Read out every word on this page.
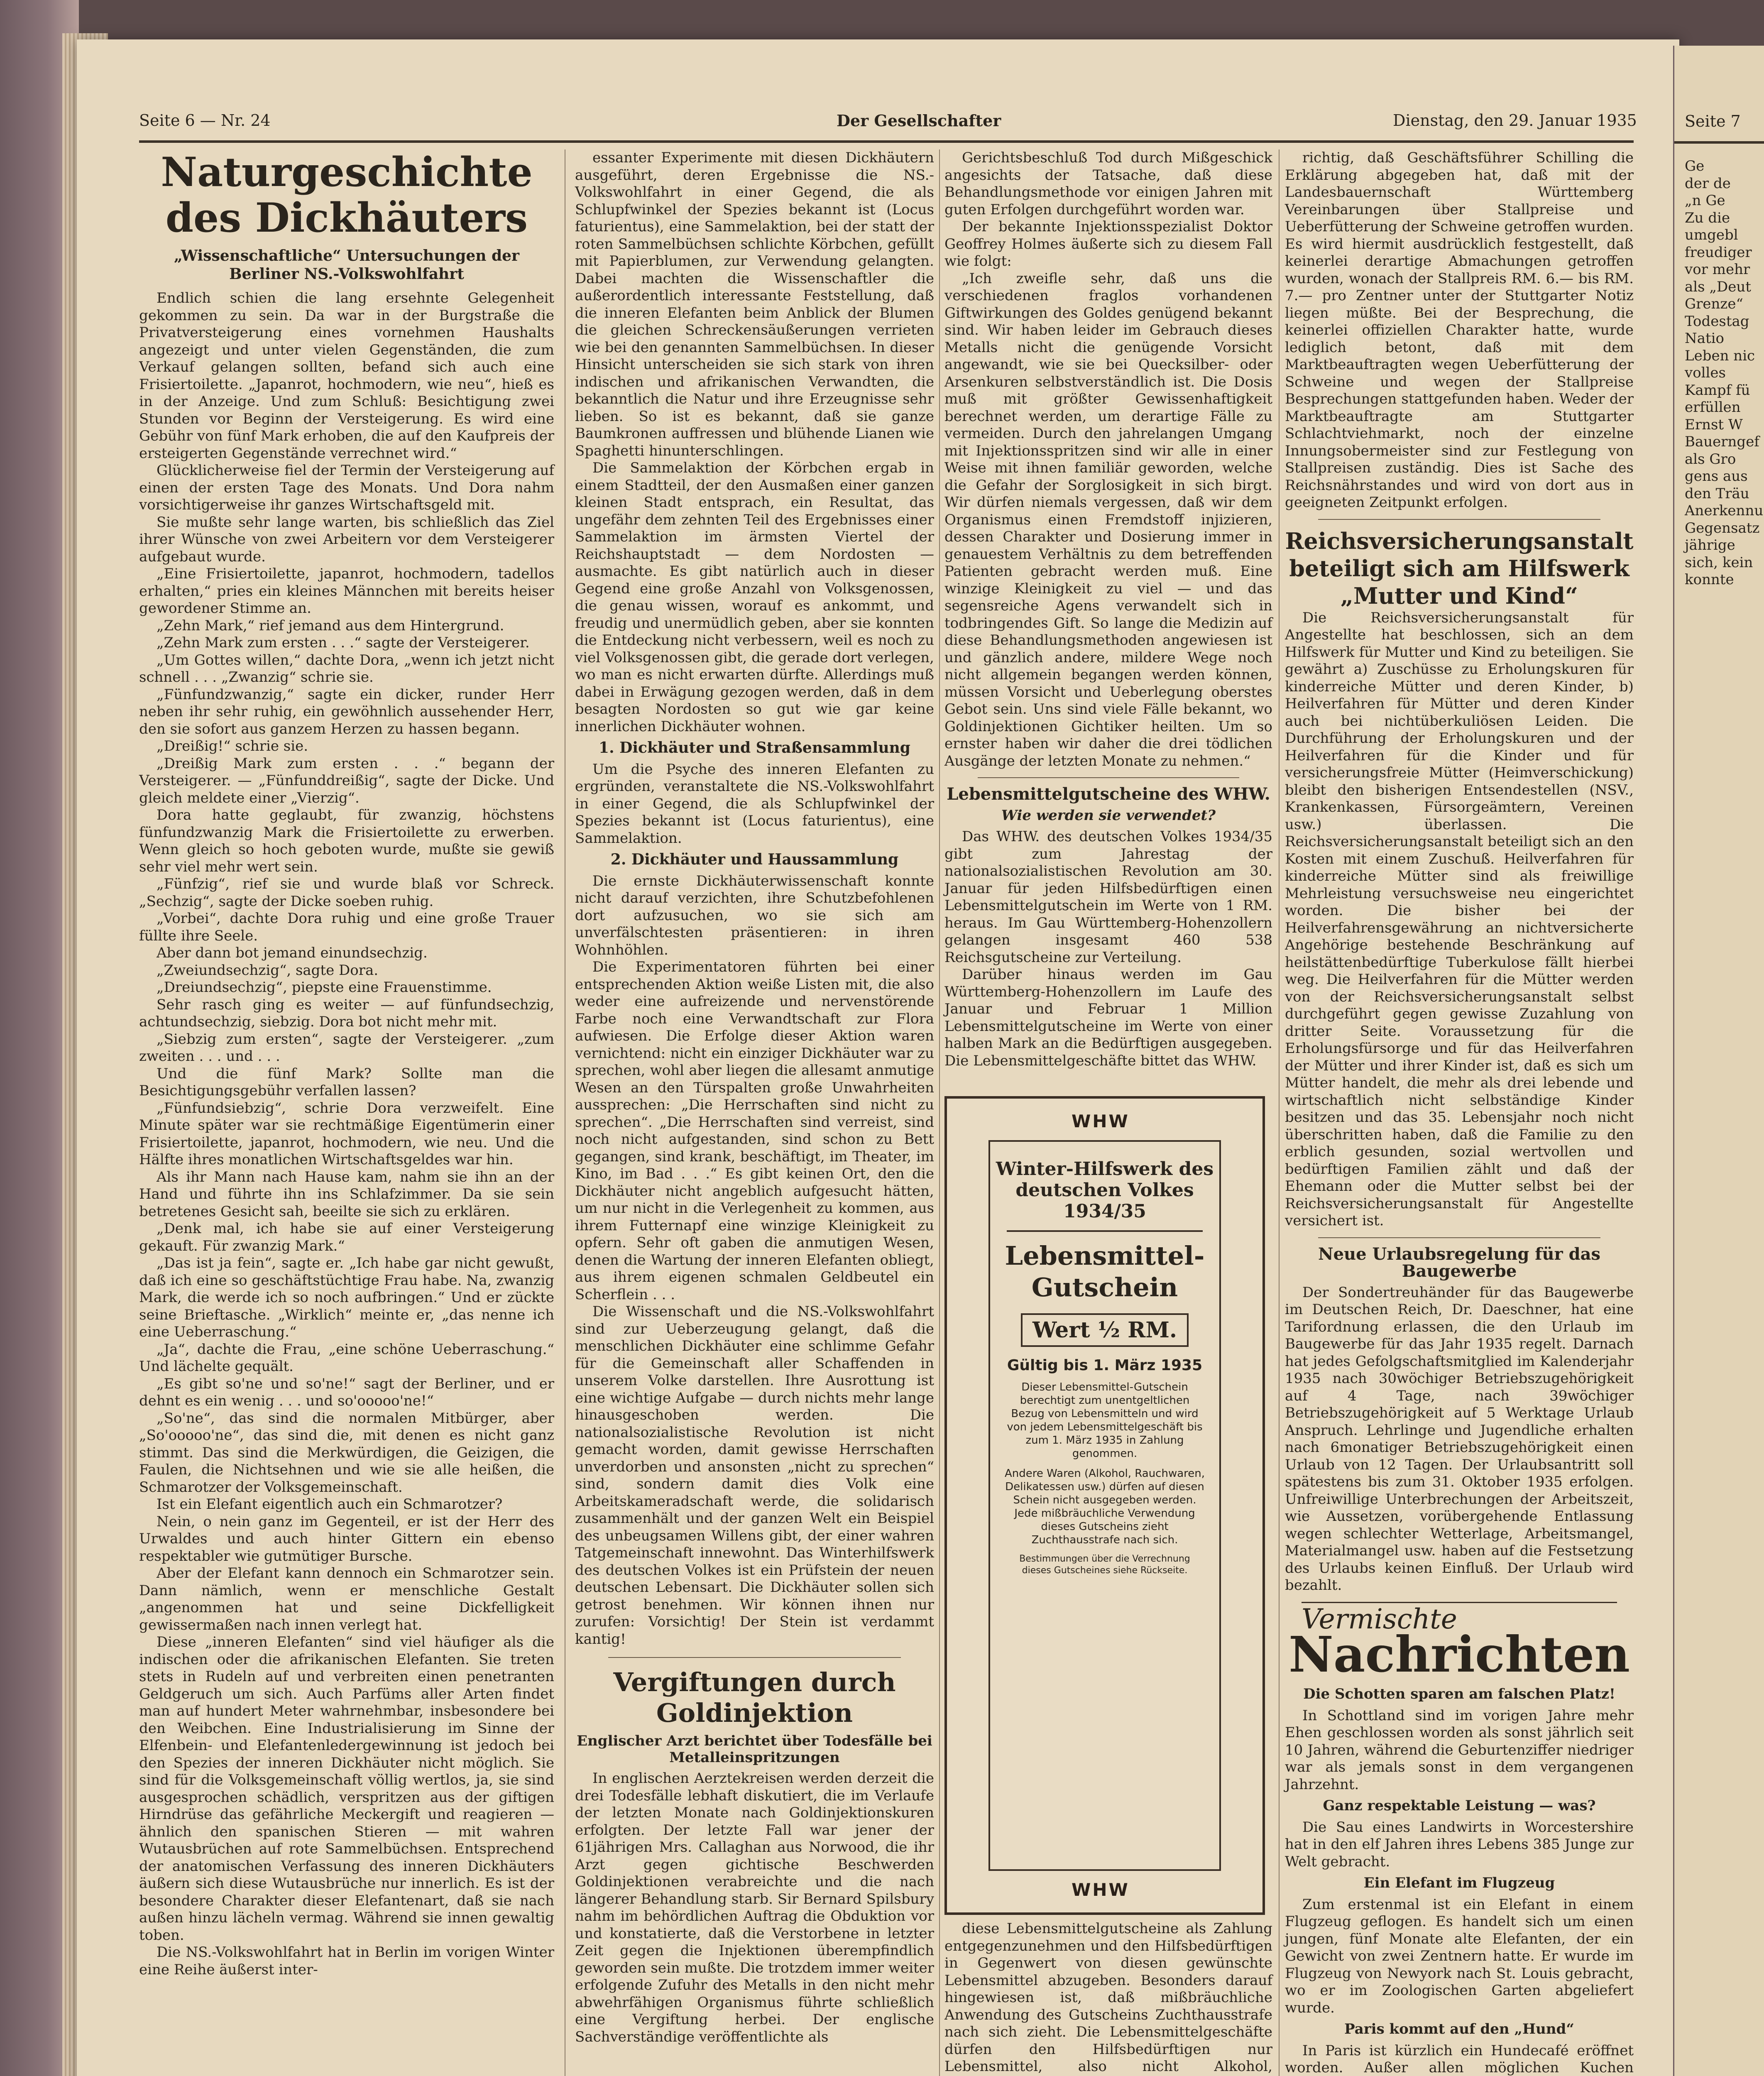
Seite 6 — Nr. 24	Der Gesellschafter	Dienstag, den 29. Januar 1935
Naturgeschichte des Dickhäuters
„Wissenschaftliche“ Untersuchungen der Berliner NS.-Volkswohlfahrt

Endlich schien die lang ersehnte Gelegenheit gekommen zu sein. Da war in der Burgstraße die Privatversteigerung eines vornehmen Haushalts angezeigt und unter vielen Gegenständen, die zum Verkauf gelangen sollten, befand sich auch eine Frisiertoilette. „Japanrot, hochmodern, wie neu“, hieß es in der Anzeige. Und zum Schluß: Besichtigung zwei Stunden vor Beginn der Versteigerung. Es wird eine Gebühr von fünf Mark erhoben, die auf den Kaufpreis der ersteigerten Gegenstände verrechnet wird.“

Glücklicherweise fiel der Termin der Versteigerung auf einen der ersten Tage des Monats. Und Dora nahm vorsichtigerweise ihr ganzes Wirtschaftsgeld mit.

Sie mußte sehr lange warten, bis schließlich das Ziel ihrer Wünsche von zwei Arbeitern vor dem Versteigerer aufgebaut wurde.

„Eine Frisiertoilette, japanrot, hochmodern, tadellos erhalten,“ pries ein kleines Männchen mit bereits heiser gewordener Stimme an.

„Zehn Mark,“ rief jemand aus dem Hintergrund.

„Zehn Mark zum ersten . . .“ sagte der Versteigerer.

„Um Gottes willen,“ dachte Dora, „wenn ich jetzt nicht schnell . . . „Zwanzig“ schrie sie.

„Fünfundzwanzig,“ sagte ein dicker, runder Herr neben ihr sehr ruhig, ein gewöhnlich aussehender Herr, den sie sofort aus ganzem Herzen zu hassen begann.

„Dreißig!“ schrie sie.

„Dreißig Mark zum ersten . . .“ begann der Versteigerer. — „Fünfunddreißig“, sagte der Dicke. Und gleich meldete einer „Vierzig“.

Dora hatte geglaubt, für zwanzig, höchstens fünfundzwanzig Mark die Frisiertoilette zu erwerben. Wenn gleich so hoch geboten wurde, mußte sie gewiß sehr viel mehr wert sein.

„Fünfzig“, rief sie und wurde blaß vor Schreck. „Sechzig“, sagte der Dicke soeben ruhig.

„Vorbei“, dachte Dora ruhig und eine große Trauer füllte ihre Seele.

Aber dann bot jemand einundsechzig.

„Zweiundsechzig“, sagte Dora.

„Dreiundsechzig“, piepste eine Frauenstimme.

Sehr rasch ging es weiter — auf fünfundsechzig, achtundsechzig, siebzig. Dora bot nicht mehr mit.

„Siebzig zum ersten“, sagte der Versteigerer. „zum zweiten . . . und . . .

Und die fünf Mark? Sollte man die Besichtigungsgebühr verfallen lassen?

„Fünfundsiebzig“, schrie Dora verzweifelt. Eine Minute später war sie rechtmäßige Eigentümerin einer Frisiertoilette, japanrot, hochmodern, wie neu. Und die Hälfte ihres monatlichen Wirtschaftsgeldes war hin.

Als ihr Mann nach Hause kam, nahm sie ihn an der Hand und führte ihn ins Schlafzimmer. Da sie sein betretenes Gesicht sah, beeilte sie sich zu erklären.

„Denk mal, ich habe sie auf einer Versteigerung gekauft. Für zwanzig Mark.“

„Das ist ja fein“, sagte er. „Ich habe gar nicht gewußt, daß ich eine so geschäftstüchtige Frau habe. Na, zwanzig Mark, die werde ich so noch aufbringen.“ Und er zückte seine Brieftasche. „Wirklich“ meinte er, „das nenne ich eine Ueberraschung.“

„Ja“, dachte die Frau, „eine schöne Ueberraschung.“ Und lächelte gequält.

„Es gibt so'ne und so'ne!“ sagt der Berliner, und er dehnt es ein wenig . . . und so'ooooo'ne!“

„So'ne“, das sind die normalen Mitbürger, aber „So'ooooo'ne“, das sind die, mit denen es nicht ganz stimmt. Das sind die Merkwürdigen, die Geizigen, die Faulen, die Nichtsehnen und wie sie alle heißen, die Schmarotzer der Volksgemeinschaft.

Ist ein Elefant eigentlich auch ein Schmarotzer?

Nein, o nein ganz im Gegenteil, er ist der Herr des Urwaldes und auch hinter Gittern ein ebenso respektabler wie gutmütiger Bursche.

Aber der Elefant kann dennoch ein Schmarotzer sein. Dann nämlich, wenn er menschliche Gestalt „angenommen hat und seine Dickfelligkeit gewissermaßen nach innen verlegt hat.

Diese „inneren Elefanten“ sind viel häufiger als die indischen oder die afrikanischen Elefanten. Sie treten stets in Rudeln auf und verbreiten einen penetranten Geldgeruch um sich. Auch Parfüms aller Arten findet man auf hundert Meter wahrnehmbar, insbesondere bei den Weibchen. Eine Industrialisierung im Sinne der Elfenbein- und Elefantenledergewinnung ist jedoch bei den Spezies der inneren Dickhäuter nicht möglich. Sie sind für die Volksgemeinschaft völlig wertlos, ja, sie sind ausgesprochen schädlich, verspritzen aus der giftigen Hirndrüse das gefährliche Meckergift und reagieren — ähnlich den spanischen Stieren — mit wahren Wutausbrüchen auf rote Sammelbüchsen. Entsprechend der anatomischen Verfassung des inneren Dickhäuters äußern sich diese Wutausbrüche nur innerlich. Es ist der besondere Charakter dieser Elefantenart, daß sie nach außen hinzu lächeln vermag. Während sie innen gewaltig toben.

Die NS.-Volkswohlfahrt hat in Berlin im vorigen Winter eine Reihe äußerst inter-

essanter Experimente mit diesen Dickhäutern ausgeführt, deren Ergebnisse die NS.-Volkswohlfahrt in einer Gegend, die als Schlupfwinkel der Spezies bekannt ist (Locus faturientus), eine Sammelaktion, bei der statt der roten Sammelbüchsen schlichte Körbchen, gefüllt mit Papierblumen, zur Verwendung gelangten. Dabei machten die Wissenschaftler die außerordentlich interessante Feststellung, daß die inneren Elefanten beim Anblick der Blumen die gleichen Schreckensäußerungen verrieten wie bei den genannten Sammelbüchsen. In dieser Hinsicht unterscheiden sie sich stark von ihren indischen und afrikanischen Verwandten, die bekanntlich die Natur und ihre Erzeugnisse sehr lieben. So ist es bekannt, daß sie ganze Baumkronen auffressen und blühende Lianen wie Spaghetti hinunterschlingen.

Die Sammelaktion der Körbchen ergab in einem Stadtteil, der den Ausmaßen einer ganzen kleinen Stadt entsprach, ein Resultat, das ungefähr dem zehnten Teil des Ergebnisses einer Sammelaktion im ärmsten Viertel der Reichshauptstadt — dem Nordosten — ausmachte. Es gibt natürlich auch in dieser Gegend eine große Anzahl von Volksgenossen, die genau wissen, worauf es ankommt, und freudig und unermüdlich geben, aber sie konnten die Entdeckung nicht verbessern, weil es noch zu viel Volksgenossen gibt, die gerade dort verlegen, wo man es nicht erwarten dürfte. Allerdings muß dabei in Erwägung gezogen werden, daß in dem besagten Nordosten so gut wie gar keine innerlichen Dickhäuter wohnen.

1. Dickhäuter und Straßensammlung

Um die Psyche des inneren Elefanten zu ergründen, veranstaltete die NS.-Volkswohlfahrt in einer Gegend, die als Schlupfwinkel der Spezies bekannt ist (Locus faturientus), eine Sammelaktion.

2. Dickhäuter und Haussammlung

Die ernste Dickhäuterwissenschaft konnte nicht darauf verzichten, ihre Schutzbefohlenen dort aufzusuchen, wo sie sich am unverfälschtesten präsentieren: in ihren Wohnhöhlen.

Die Experimentatoren führten bei einer entsprechenden Aktion weiße Listen mit, die also weder eine aufreizende und nervenstörende Farbe noch eine Verwandtschaft zur Flora aufwiesen. Die Erfolge dieser Aktion waren vernichtend: nicht ein einziger Dickhäuter war zu sprechen, wohl aber liegen die allesamt anmutige Wesen an den Türspalten große Unwahrheiten aussprechen: „Die Herrschaften sind nicht zu sprechen“. „Die Herrschaften sind verreist, sind noch nicht aufgestanden, sind schon zu Bett gegangen, sind krank, beschäftigt, im Theater, im Kino, im Bad . . .“ Es gibt keinen Ort, den die Dickhäuter nicht angeblich aufgesucht hätten, um nur nicht in die Verlegenheit zu kommen, aus ihrem Futternapf eine winzige Kleinigkeit zu opfern. Sehr oft gaben die anmutigen Wesen, denen die Wartung der inneren Elefanten obliegt, aus ihrem eigenen schmalen Geldbeutel ein Scherflein . . .

Die Wissenschaft und die NS.-Volkswohlfahrt sind zur Ueberzeugung gelangt, daß die menschlichen Dickhäuter eine schlimme Gefahr für die Gemeinschaft aller Schaffenden in unserem Volke darstellen. Ihre Ausrottung ist eine wichtige Aufgabe — durch nichts mehr lange hinausgeschoben werden. Die nationalsozialistische Revolution ist nicht gemacht worden, damit gewisse Herrschaften unverdorben und ansonsten „nicht zu sprechen“ sind, sondern damit dies Volk eine Arbeitskameradschaft werde, die solidarisch zusammenhält und der ganzen Welt ein Beispiel des unbeugsamen Willens gibt, der einer wahren Tatgemeinschaft innewohnt. Das Winterhilfswerk des deutschen Volkes ist ein Prüfstein der neuen deutschen Lebensart. Die Dickhäuter sollen sich getrost benehmen. Wir können ihnen nur zurufen: Vorsichtig! Der Stein ist verdammt kantig!

Vergiftungen durch Goldinjektion
Englischer Arzt berichtet über Todesfälle bei Metalleinspritzungen

In englischen Aerztekreisen werden derzeit die drei Todesfälle lebhaft diskutiert, die im Verlaufe der letzten Monate nach Goldinjektionskuren erfolgten. Der letzte Fall war jener der 61jährigen Mrs. Callaghan aus Norwood, die ihr Arzt gegen gichtische Beschwerden Goldinjektionen verabreichte und die nach längerer Behandlung starb. Sir Bernard Spilsbury nahm im behördlichen Auftrag die Obduktion vor und konstatierte, daß die Verstorbene in letzter Zeit gegen die Injektionen überempfindlich geworden sein mußte. Die trotzdem immer weiter erfolgende Zufuhr des Metalls in den nicht mehr abwehrfähigen Organismus führte schließlich eine Vergiftung herbei. Der englische Sachverständige veröffentlichte als

Gerichtsbeschluß Tod durch Mißgeschick angesichts der Tatsache, daß diese Behandlungsmethode vor einigen Jahren mit guten Erfolgen durchgeführt worden war.

Der bekannte Injektionsspezialist Doktor Geoffrey Holmes äußerte sich zu diesem Fall wie folgt:

„Ich zweifle sehr, daß uns die verschiedenen fraglos vorhandenen Giftwirkungen des Goldes genügend bekannt sind. Wir haben leider im Gebrauch dieses Metalls nicht die genügende Vorsicht angewandt, wie sie bei Quecksilber- oder Arsenkuren selbstverständlich ist. Die Dosis muß mit größter Gewissenhaftigkeit berechnet werden, um derartige Fälle zu vermeiden. Durch den jahrelangen Umgang mit Injektionsspritzen sind wir alle in einer Weise mit ihnen familiär geworden, welche die Gefahr der Sorglosigkeit in sich birgt. Wir dürfen niemals vergessen, daß wir dem Organismus einen Fremdstoff injizieren, dessen Charakter und Dosierung immer in genauestem Verhältnis zu dem betreffenden Patienten gebracht werden muß. Eine winzige Kleinigkeit zu viel — und das segensreiche Agens verwandelt sich in todbringendes Gift. So lange die Medizin auf diese Behandlungsmethoden angewiesen ist und gänzlich andere, mildere Wege noch nicht allgemein begangen werden können, müssen Vorsicht und Ueberlegung oberstes Gebot sein. Uns sind viele Fälle bekannt, wo Goldinjektionen Gichtiker heilten. Um so ernster haben wir daher die drei tödlichen Ausgänge der letzten Monate zu nehmen.“

Lebensmittelgutscheine des WHW.
Wie werden sie verwendet?

Das WHW. des deutschen Volkes 1934/35 gibt zum Jahrestag der nationalsozialistischen Revolution am 30. Januar für jeden Hilfsbedürftigen einen Lebensmittelgutschein im Werte von 1 RM. heraus. Im Gau Württemberg-Hohenzollern gelangen insgesamt 460 538 Reichsgutscheine zur Verteilung.

Darüber hinaus werden im Gau Württemberg-Hohenzollern im Laufe des Januar und Februar 1 Million Lebensmittelgutscheine im Werte von einer halben Mark an die Bedürftigen ausgegeben. Die Lebensmittelgeschäfte bittet das WHW.

WHW
WHW
Winter-Hilfswerk des
deutschen Volkes 1934/35
Lebensmittel-
Gutschein
Wert ½ RM.
Gültig bis 1. März 1935
Dieser Lebensmittel-Gutschein berechtigt zum unentgeltlichen Bezug von Lebensmitteln und wird von jedem Lebensmittelgeschäft bis zum 1. März 1935 in Zahlung genommen.
Andere Waren (Alkohol, Rauchwaren, Delikatessen usw.) dürfen auf diesen Schein nicht ausgegeben werden. Jede mißbräuchliche Verwendung dieses Gutscheins zieht Zuchthausstrafe nach sich.
Bestimmungen über die Verrechnung dieses Gutscheines siehe Rückseite.

diese Lebensmittelgutscheine als Zahlung entgegenzunehmen und den Hilfsbedürftigen in Gegenwert von diesen gewünschte Lebensmittel abzugeben. Besonders darauf hingewiesen ist, daß mißbräuchliche Anwendung des Gutscheins Zuchthausstrafe nach sich zieht. Die Lebensmittelgeschäfte dürfen den Hilfsbedürftigen nur Lebensmittel, also nicht Alkohol,

richtig, daß Geschäftsführer Schilling die Erklärung abgegeben hat, daß mit der Landesbauernschaft Württemberg Vereinbarungen über Stallpreise und Ueberfütterung der Schweine getroffen wurden. Es wird hiermit ausdrücklich festgestellt, daß keinerlei derartige Abmachungen getroffen wurden, wonach der Stallpreis RM. 6.— bis RM. 7.— pro Zentner unter der Stuttgarter Notiz liegen müßte. Bei der Besprechung, die keinerlei offiziellen Charakter hatte, wurde lediglich betont, daß mit dem Marktbeauftragten wegen Ueberfütterung der Schweine und wegen der Stallpreise Besprechungen stattgefunden haben. Weder der Marktbeauftragte am Stuttgarter Schlachtviehmarkt, noch der einzelne Innungsobermeister sind zur Festlegung von Stallpreisen zuständig. Dies ist Sache des Reichsnährstandes und wird von dort aus in geeigneten Zeitpunkt erfolgen.

Reichsversicherungsanstalt beteiligt sich am Hilfswerk „Mutter und Kind“

Die Reichsversicherungsanstalt für Angestellte hat beschlossen, sich an dem Hilfswerk für Mutter und Kind zu beteiligen. Sie gewährt a) Zuschüsse zu Erholungskuren für kinderreiche Mütter und deren Kinder, b) Heilverfahren für Mütter und deren Kinder auch bei nichtüberkuliösen Leiden. Die Durchführung der Erholungskuren und der Heilverfahren für die Kinder und für versicherungsfreie Mütter (Heimverschickung) bleibt den bisherigen Entsendestellen (NSV., Krankenkassen, Fürsorgeämtern, Vereinen usw.) überlassen. Die Reichsversicherungsanstalt beteiligt sich an den Kosten mit einem Zuschuß. Heilverfahren für kinderreiche Mütter sind als freiwillige Mehrleistung versuchsweise neu eingerichtet worden. Die bisher bei der Heilverfahrensgewährung an nichtversicherte Angehörige bestehende Beschränkung auf heilstättenbedürftige Tuberkulose fällt hierbei weg. Die Heilverfahren für die Mütter werden von der Reichsversicherungsanstalt selbst durchgeführt gegen gewisse Zuzahlung von dritter Seite. Voraussetzung für die Erholungsfürsorge und für das Heilverfahren der Mütter und ihrer Kinder ist, daß es sich um Mütter handelt, die mehr als drei lebende und wirtschaftlich nicht selbständige Kinder besitzen und das 35. Lebensjahr noch nicht überschritten haben, daß die Familie zu den erblich gesunden, sozial wertvollen und bedürftigen Familien zählt und daß der Ehemann oder die Mutter selbst bei der Reichsversicherungsanstalt für Angestellte versichert ist.

Neue Urlaubsregelung für das Baugewerbe

Der Sondertreuhänder für das Baugewerbe im Deutschen Reich, Dr. Daeschner, hat eine Tarifordnung erlassen, die den Urlaub im Baugewerbe für das Jahr 1935 regelt. Darnach hat jedes Gefolgschaftsmitglied im Kalenderjahr 1935 nach 30wöchiger Betriebszugehörigkeit auf 4 Tage, nach 39wöchiger Betriebszugehörigkeit auf 5 Werktage Urlaub Anspruch. Lehrlinge und Jugendliche erhalten nach 6monatiger Betriebszugehörigkeit einen Urlaub von 12 Tagen. Der Urlaubsantritt soll spätestens bis zum 31. Oktober 1935 erfolgen. Unfreiwillige Unterbrechungen der Arbeitszeit, wie Aussetzen, vorübergehende Entlassung wegen schlechter Wetterlage, Arbeitsmangel, Materialmangel usw. haben auf die Festsetzung des Urlaubs keinen Einfluß. Der Urlaub wird bezahlt.

Vermischte
Nachrichten
Die Schotten sparen am falschen Platz!

In Schottland sind im vorigen Jahre mehr Ehen geschlossen worden als sonst jährlich seit 10 Jahren, während die Geburtenziffer niedriger war als jemals sonst in dem vergangenen Jahrzehnt.

Ganz respektable Leistung — was?

Die Sau eines Landwirts in Worcestershire hat in den elf Jahren ihres Lebens 385 Junge zur Welt gebracht.

Ein Elefant im Flugzeug

Zum erstenmal ist ein Elefant in einem Flugzeug geflogen. Es handelt sich um einen jungen, fünf Monate alte Elefanten, der ein Gewicht von zwei Zentnern hatte. Er wurde im Flugzeug von Newyork nach St. Louis gebracht, wo er im Zoologischen Garten abgeliefert wurde.

Paris kommt auf den „Hund“

In Paris ist kürzlich ein Hundecafé eröffnet worden. Außer allen möglichen Kuchen

Seite 7

Ge

der de

„n Ge

Zu die

umgebl

freudiger

vor mehr

als „Deut

Grenze“

Todestag

Natio

Leben nic

volles

Kampf fü

erfüllen

Ernst W

Bauerngef

als Gro

gens aus

den Träu

Anerkennu

Gegensatz

jährige

sich, kein

konnte
